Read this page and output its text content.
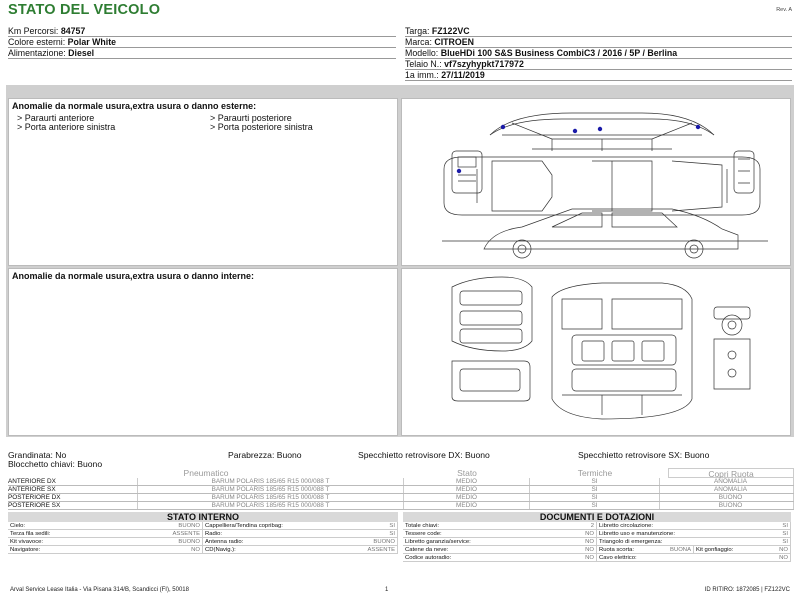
STATO DEL VEICOLO	Rev. A
Km Percorsi: 84757
Colore esterni: Polar White
Alimentazione: Diesel
Targa: FZ122VC
Marca: CITROEN
Modello: BlueHDi 100 S&S Business CombiC3 / 2016 / 5P / Berlina
Telaio N.: vf7szyhypkt717972
1a imm.: 27/11/2019
Anomalie da normale usura,extra usura o danno esterne:
> Paraurti anteriore
> Porta anteriore sinistra
> Paraurti posteriore
> Porta posteriore sinistra
Anomalie da normale usura,extra usura o danno interne:
Grandinata: No	Parabrezza: Buono	Specchietto retrovisore DX: Buono	Specchietto retrovisore SX: Buono
Blocchetto chiavi: Buono
Pneumatico	Stato	Termiche	Copri Ruota
ANTERIORE DX	BARUM POLARIS 185/65 R15 000/088 T	MEDIO	SI	ANOMALIA
ANTERIORE SX	BARUM POLARIS 185/65 R15 000/088 T	MEDIO	SI	ANOMALIA
POSTERIORE DX	BARUM POLARIS 185/65 R15 000/088 T	MEDIO	SI	BUONO
POSTERIORE SX	BARUM POLARIS 185/65 R15 000/088 T	MEDIO	SI	BUONO
STATO INTERNO
Cielo:	BUONO Cappelliera/Tendina copribag:	SI
Terza fila sedili:	ASSENTE Radio:	SI
Kit vivavoce:	BUONO Antenna radio:	BUONO
Navigatore:	NO CD(Navig.):	ASSENTE
DOCUMENTI E DOTAZIONI
Totale chiavi:	2 Libretto circolazione:	SI
Tessere code:	NO Libretto uso e manutenzione:	SI
Libretto garanzia/service:	NO Triangolo di emergenza:	SI
Catene da neve:	NO Ruota scorta:	BUONA Kit gonfiaggio:	NO
Codice autoradio:	NO Cavo elettrico:	NO
Arval Service Lease Italia - Via Pisana 314/B, Scandicci (FI), 50018	1	ID RITIRO: 1872085 | FZ122VC
